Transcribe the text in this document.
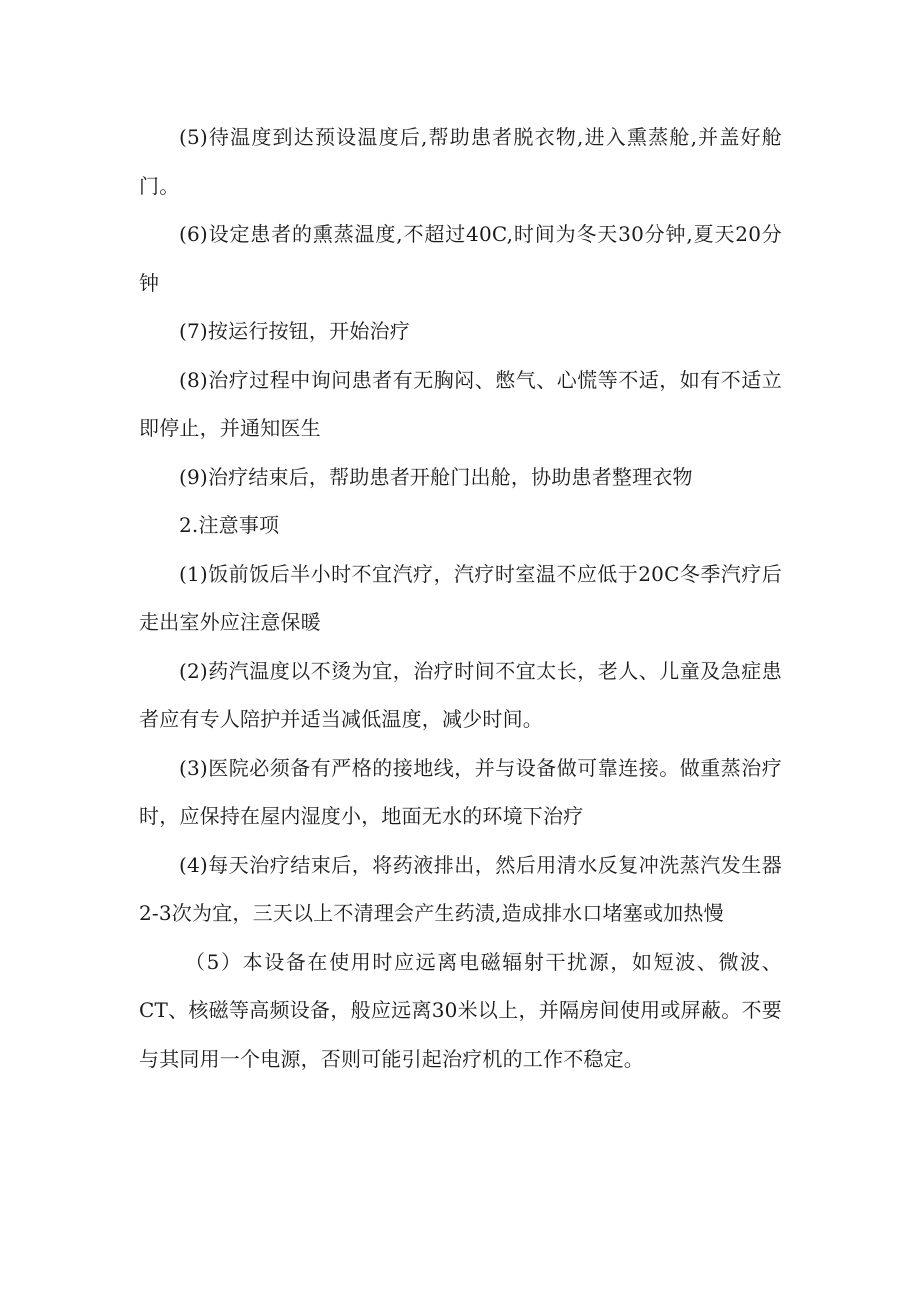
(5)待温度到达预设温度后,帮助患者脱衣物,进入熏蒸舱,并盖好舱门。

(6)设定患者的熏蒸温度,不超过40C,时间为冬天30分钟,夏天20分钟

(7)按运行按钮，开始治疗

(8)治疗过程中询问患者有无胸闷、憋气、心慌等不适，如有不适立即停止，并通知医生

(9)治疗结束后，帮助患者开舱门出舱，协助患者整理衣物

2.注意事项

(1)饭前饭后半小时不宜汽疗，汽疗时室温不应低于20C冬季汽疗后走出室外应注意保暖

(2)药汽温度以不烫为宜，治疗时间不宜太长，老人、儿童及急症患者应有专人陪护并适当减低温度，减少时间。

(3)医院必须备有严格的接地线，并与设备做可靠连接。做重蒸治疗时，应保持在屋内湿度小，地面无水的环境下治疗

(4)每天治疗结束后，将药液排出，然后用清水反复冲洗蒸汽发生器2-3次为宜，三天以上不清理会产生药渍,造成排水口堵塞或加热慢

（5）本设备在使用时应远离电磁辐射干扰源，如短波、微波、CT、核磁等高频设备，般应远离30米以上，并隔房间使用或屏蔽。不要与其同用一个电源，否则可能引起治疗机的工作不稳定。
